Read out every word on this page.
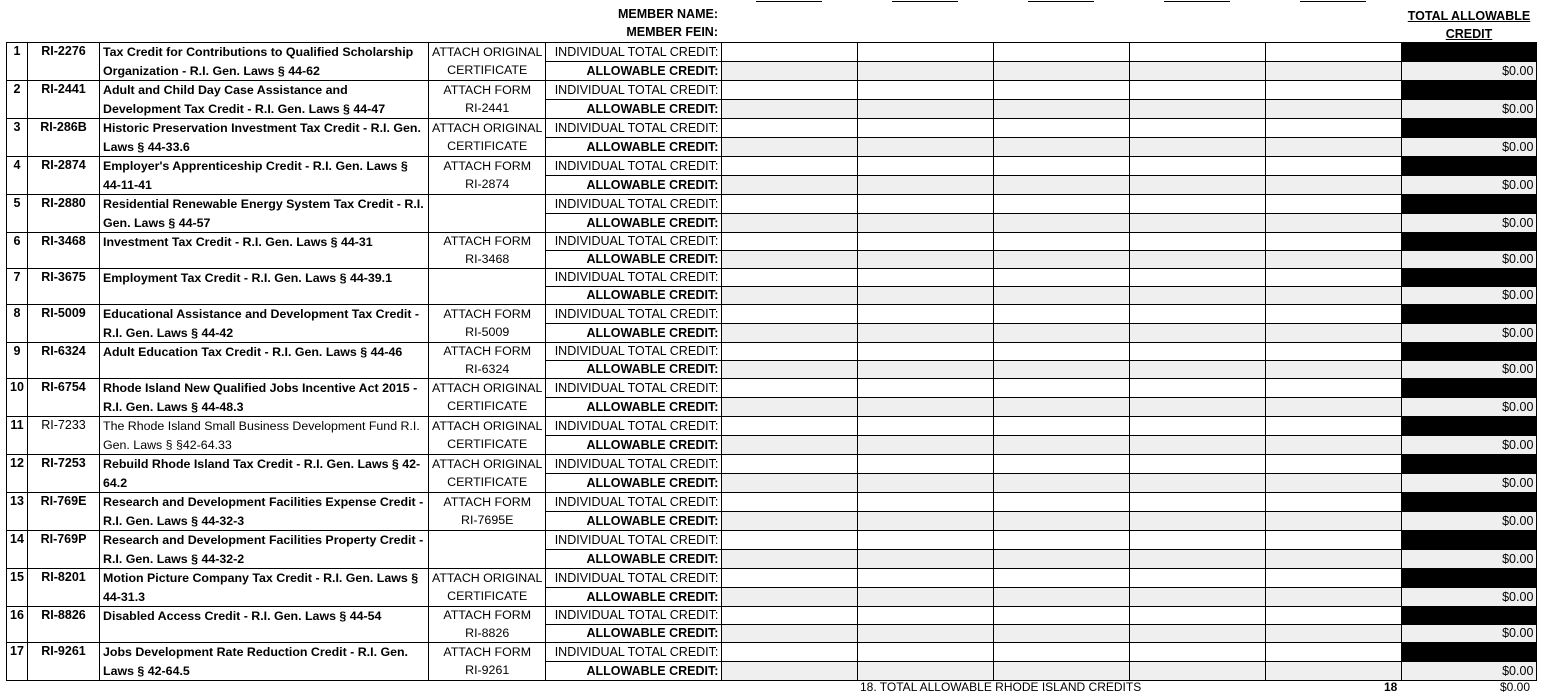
MEMBER NAME:
MEMBER FEIN:
TOTAL ALLOWABLE CREDIT
1	RI-2276	Tax Credit for Contributions to Qualified Scholarship Organization - R.I. Gen. Laws § 44-62	ATTACH ORIGINAL	INDIVIDUAL TOTAL CREDIT:						
			CERTIFICATE	ALLOWABLE CREDIT:						$0.00
2	RI-2441	Adult and Child Day Case Assistance and Development Tax Credit - R.I. Gen. Laws § 44-47	ATTACH FORM	INDIVIDUAL TOTAL CREDIT:						
			RI-2441	ALLOWABLE CREDIT:						$0.00
3	RI-286B	Historic Preservation Investment Tax Credit - R.I. Gen. Laws § 44-33.6	ATTACH ORIGINAL	INDIVIDUAL TOTAL CREDIT:						
			CERTIFICATE	ALLOWABLE CREDIT:						$0.00
4	RI-2874	Employer's Apprenticeship Credit - R.I. Gen. Laws § 44-11-41	ATTACH FORM	INDIVIDUAL TOTAL CREDIT:						
			RI-2874	ALLOWABLE CREDIT:						$0.00
5	RI-2880	Residential Renewable Energy System Tax Credit - R.I. Gen. Laws § 44-57		INDIVIDUAL TOTAL CREDIT:						
				ALLOWABLE CREDIT:						$0.00
6	RI-3468	Investment Tax Credit - R.I. Gen. Laws § 44-31	ATTACH FORM	INDIVIDUAL TOTAL CREDIT:						
			RI-3468	ALLOWABLE CREDIT:						$0.00
7	RI-3675	Employment Tax Credit - R.I. Gen. Laws § 44-39.1		INDIVIDUAL TOTAL CREDIT:						
				ALLOWABLE CREDIT:						$0.00
8	RI-5009	Educational Assistance and Development Tax Credit - R.I. Gen. Laws § 44-42	ATTACH FORM	INDIVIDUAL TOTAL CREDIT:						
			RI-5009	ALLOWABLE CREDIT:						$0.00
9	RI-6324	Adult Education Tax Credit - R.I. Gen. Laws § 44-46	ATTACH FORM	INDIVIDUAL TOTAL CREDIT:						
			RI-6324	ALLOWABLE CREDIT:						$0.00
10	RI-6754	Rhode Island New Qualified Jobs Incentive Act 2015 - R.I. Gen. Laws § 44-48.3	ATTACH ORIGINAL	INDIVIDUAL TOTAL CREDIT:						
			CERTIFICATE	ALLOWABLE CREDIT:						$0.00
11	RI-7233	The Rhode Island Small Business Development Fund R.I. Gen. Laws § §42-64.33	ATTACH ORIGINAL	INDIVIDUAL TOTAL CREDIT:						
			CERTIFICATE	ALLOWABLE CREDIT:						$0.00
12	RI-7253	Rebuild Rhode Island Tax Credit - R.I. Gen. Laws § 42-64.2	ATTACH ORIGINAL	INDIVIDUAL TOTAL CREDIT:						
			CERTIFICATE	ALLOWABLE CREDIT:						$0.00
13	RI-769E	Research and Development Facilities Expense Credit - R.I. Gen. Laws § 44-32-3	ATTACH FORM	INDIVIDUAL TOTAL CREDIT:						
			RI-7695E	ALLOWABLE CREDIT:						$0.00
14	RI-769P	Research and Development Facilities Property Credit - R.I. Gen. Laws § 44-32-2		INDIVIDUAL TOTAL CREDIT:						
				ALLOWABLE CREDIT:						$0.00
15	RI-8201	Motion Picture Company Tax Credit - R.I. Gen. Laws § 44-31.3	ATTACH ORIGINAL	INDIVIDUAL TOTAL CREDIT:						
			CERTIFICATE	ALLOWABLE CREDIT:						$0.00
16	RI-8826	Disabled Access Credit - R.I. Gen. Laws § 44-54	ATTACH FORM	INDIVIDUAL TOTAL CREDIT:						
			RI-8826	ALLOWABLE CREDIT:						$0.00
17	RI-9261	Jobs Development Rate Reduction Credit - R.I. Gen. Laws § 42-64.5	ATTACH FORM	INDIVIDUAL TOTAL CREDIT:						
			RI-9261	ALLOWABLE CREDIT:						$0.00
18. TOTAL ALLOWABLE RHODE ISLAND CREDITS	18	$0.00
